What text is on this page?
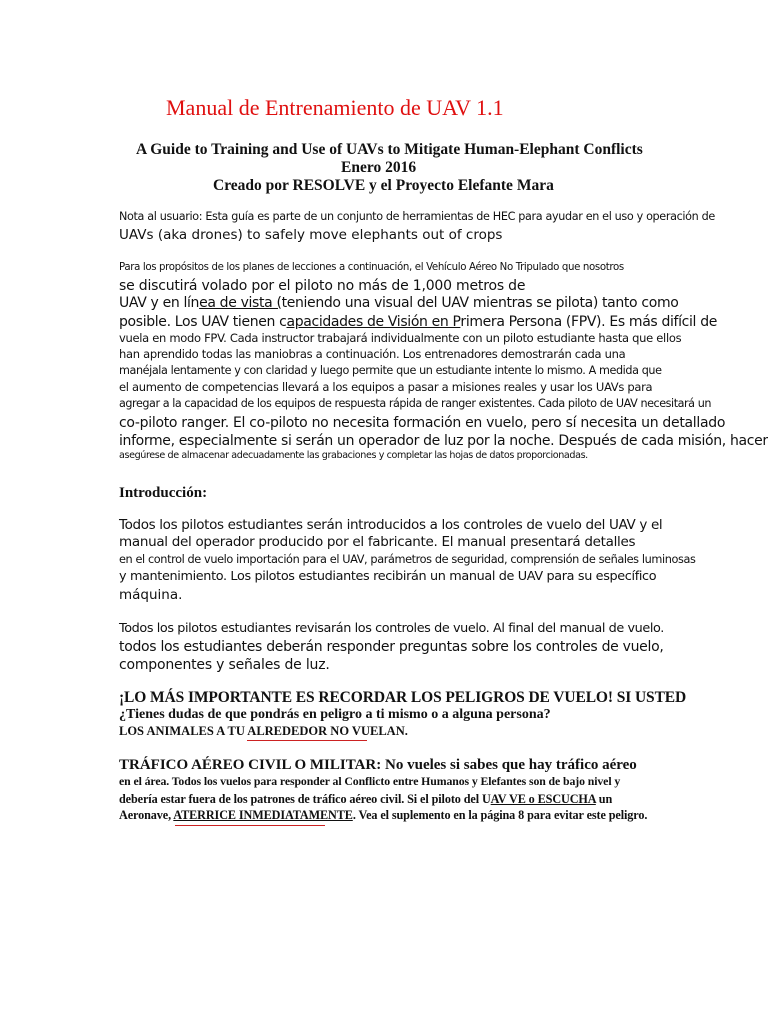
Manual de Entrenamiento de UAV 1.1
A Guide to Training and Use of UAVs to Mitigate Human-Elephant Conflicts
Enero 2016
Creado por RESOLVE y el Proyecto Elefante Mara
Nota al usuario: Esta guía es parte de un conjunto de herramientas de HEC para ayudar en el uso y operación de
UAVs (aka drones) to safely move elephants out of crops
Para los propósitos de los planes de lecciones a continuación, el Vehículo Aéreo No Tripulado que nosotros
se discutirá volado por el piloto no más de 1,000 metros de
UAV y en línea de vista (teniendo una visual del UAV mientras se pilota) tanto como
posible. Los UAV tienen capacidades de Visión en Primera Persona (FPV). Es más difícil de
vuela en modo FPV. Cada instructor trabajará individualmente con un piloto estudiante hasta que ellos
han aprendido todas las maniobras a continuación. Los entrenadores demostrarán cada una
manéjala lentamente y con claridad y luego permite que un estudiante intente lo mismo. A medida que
el aumento de competencias llevará a los equipos a pasar a misiones reales y usar los UAVs para
agregar a la capacidad de los equipos de respuesta rápida de ranger existentes. Cada piloto de UAV necesitará un
co-piloto ranger. El co-piloto no necesita formación en vuelo, pero sí necesita un detallado
informe, especialmente si serán un operador de luz por la noche. Después de cada misión, hacer
asegúrese de almacenar adecuadamente las grabaciones y completar las hojas de datos proporcionadas.
Introducción:
Todos los pilotos estudiantes serán introducidos a los controles de vuelo del UAV y el
manual del operador producido por el fabricante. El manual presentará detalles
en el control de vuelo importación para el UAV, parámetros de seguridad, comprensión de señales luminosas
y mantenimiento. Los pilotos estudiantes recibirán un manual de UAV para su específico
máquina.
Todos los pilotos estudiantes revisarán los controles de vuelo. Al final del manual de vuelo.
todos los estudiantes deberán responder preguntas sobre los controles de vuelo,
componentes y señales de luz.
¡LO MÁS IMPORTANTE ES RECORDAR LOS PELIGROS DE VUELO! SI USTED
¿Tienes dudas de que pondrás en peligro a ti mismo o a alguna persona?
LOS ANIMALES A TU ALREDEDOR NO VUELAN.
TRÁFICO AÉREO CIVIL O MILITAR: No vueles si sabes que hay tráfico aéreo
en el área. Todos los vuelos para responder al Conflicto entre Humanos y Elefantes son de bajo nivel y
debería estar fuera de los patrones de tráfico aéreo civil. Si el piloto del UAV VE o ESCUCHA un
Aeronave, ATERRICE INMEDIATAMENTE. Vea el suplemento en la página 8 para evitar este peligro.
